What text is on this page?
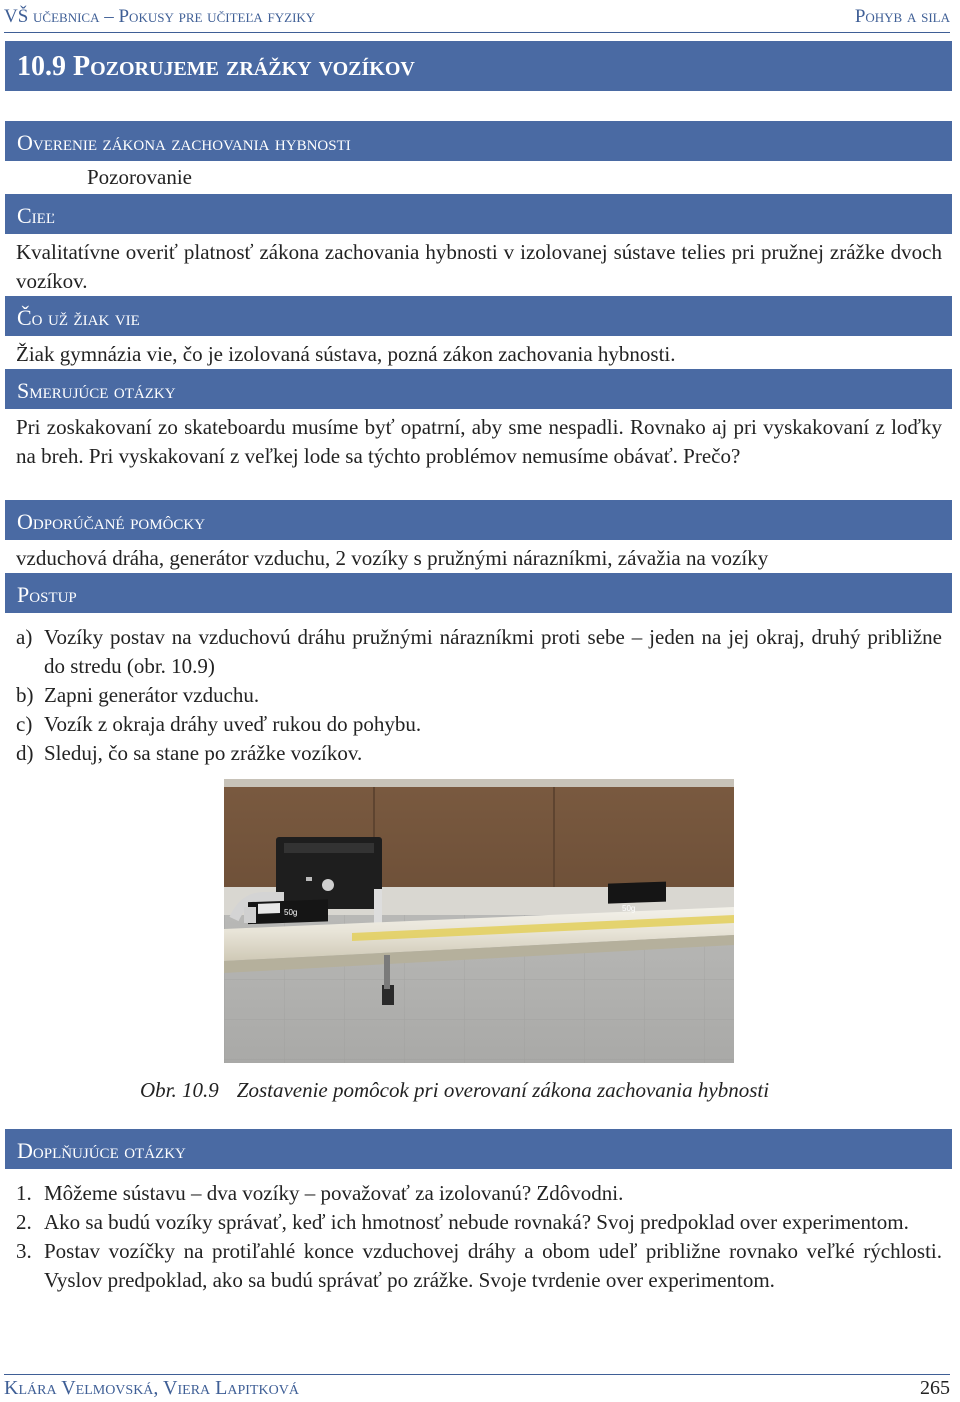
VŠ učebnica – Pokusy pre učiteľa fyziky	Pohyb a sila
10.9 Pozorujeme zrážky vozíkov
Overenie zákona zachovania hybnosti
Pozorovanie
Cieľ
Kvalitatívne overiť platnosť zákona zachovania hybnosti v izolovanej sústave telies pri pružnej zrážke dvoch vozíkov.
Čo už žiak vie
Žiak gymnázia vie, čo je izolovaná sústava, pozná zákon zachovania hybnosti.
Smerujúce otázky
Pri zoskakovaní zo skateboardu musíme byť opatrní, aby sme nespadli. Rovnako aj pri vyskakovaní z loďky na breh. Pri vyskakovaní z veľkej lode sa týchto problémov nemusíme obávať. Prečo?
Odporúčané pomôcky
vzduchová dráha, generátor vzduchu, 2 vozíky s pružnými nárazníkmi, závažia na vozíky
Postup
a) Vozíky postav na vzduchovú dráhu pružnými nárazníkmi proti sebe – jeden na jej okraj, druhý približne do stredu (obr. 10.9)
b) Zapni generátor vzduchu.
c) Vozík z okraja dráhy uveď rukou do pohybu.
d) Sleduj, čo sa stane po zrážke vozíkov.
50g	50g
Obr. 10.9 Zostavenie pomôcok pri overovaní zákona zachovania hybnosti
Doplňujúce otázky
1. Môžeme sústavu – dva vozíky – považovať za izolovanú? Zdôvodni.
2. Ako sa budú vozíky správať, keď ich hmotnosť nebude rovnaká? Svoj predpoklad over experimentom.
3. Postav vozíčky na protiľahlé konce vzduchovej dráhy a obom udeľ približne rovnako veľké rýchlosti. Vyslov predpoklad, ako sa budú správať po zrážke. Svoje tvrdenie over experimentom.
Klára Velmovská, Viera Lapitková	265
